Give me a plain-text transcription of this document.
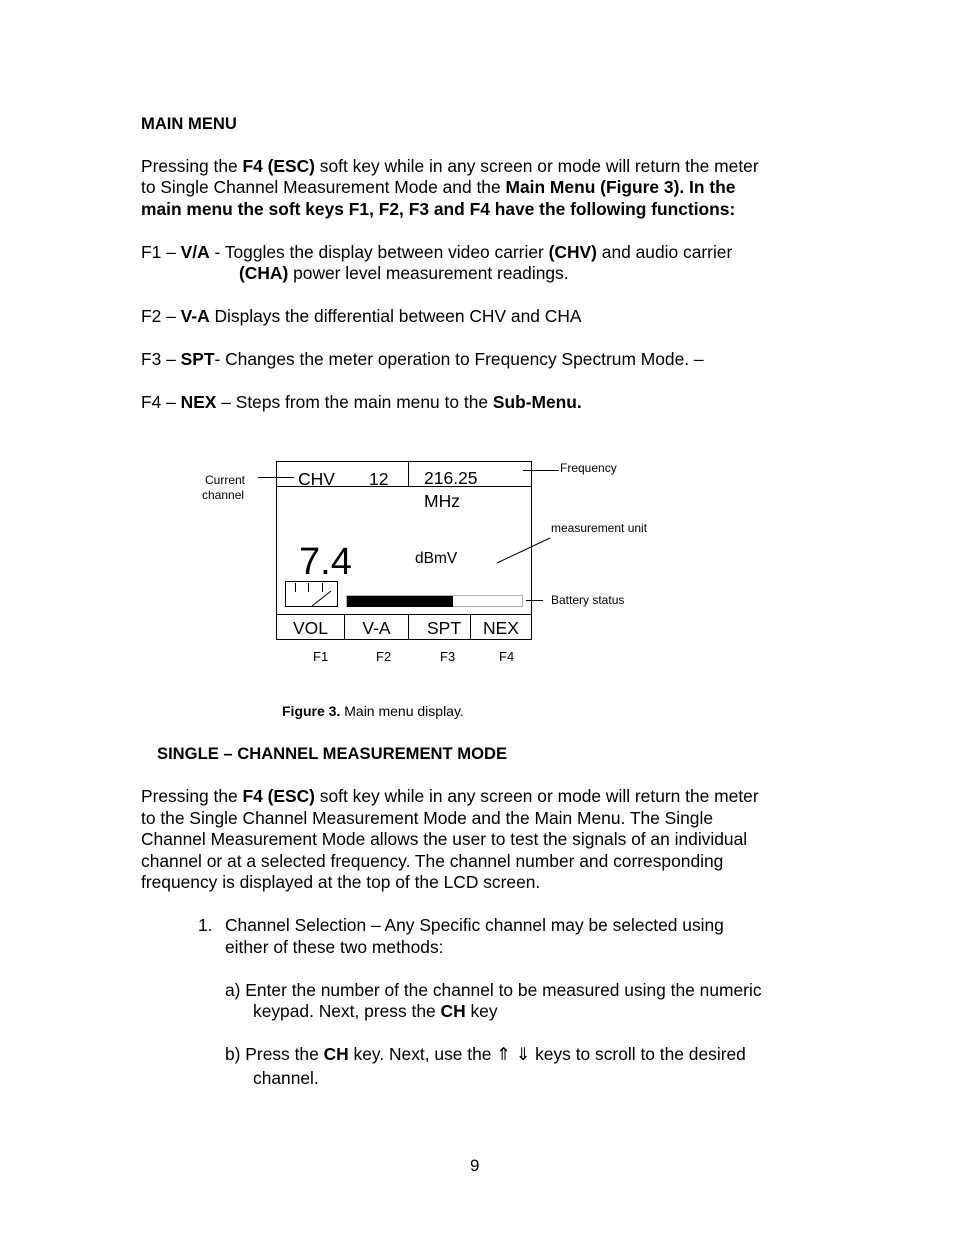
MAIN MENU
Pressing the F4 (ESC) soft key while in any screen or mode will return the meter
to Single Channel Measurement Mode and the Main Menu (Figure 3). In the
main menu the soft keys F1, F2, F3 and F4 have the following functions:
F1 – V/A - Toggles the display between video carrier (CHV) and audio carrier
(CHA) power level measurement readings.
F2 – V-A Displays the differential between CHV and CHA
F3 – SPT- Changes the meter operation to Frequency Spectrum Mode. –
F4 – NEX – Steps from the main menu to the Sub-Menu.
CHV 12 216.25
MHz
7.4	dBmV
VOL	V-A	SPT	NEX
F1	F2	F3	F4
Current
channel
Frequency
measurement unit
Battery status
Figure 3. Main menu display.
SINGLE – CHANNEL MEASUREMENT MODE
Pressing the F4 (ESC) soft key while in any screen or mode will return the meter
to the Single Channel Measurement Mode and the Main Menu. The Single
Channel Measurement Mode allows the user to test the signals of an individual
channel or at a selected frequency. The channel number and corresponding
frequency is displayed at the top of the LCD screen.
1. Channel Selection – Any Specific channel may be selected using
either of these two methods:
a) Enter the number of the channel to be measured using the numeric
keypad. Next, press the CH key
b) Press the CH key. Next, use the ⇑ ⇓ keys to scroll to the desired
channel.
9
